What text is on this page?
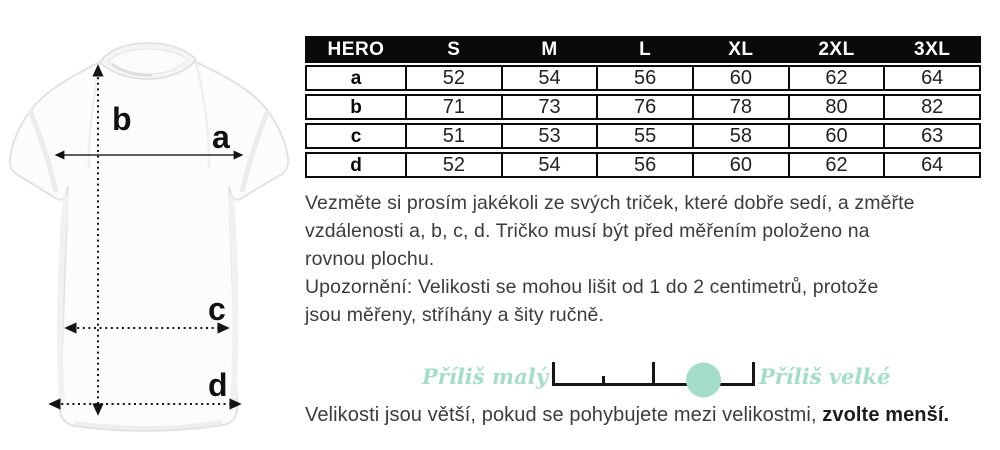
b	a
c
d
HERO	S	M	L	XL	2XL	3XL
a	52	54	56	60	62	64
b	71	73	76	78	80	82
c	51	53	55	58	60	63
d	52	54	56	60	62	64
Vezměte si prosím jakékoli ze svých triček, které dobře sedí, a změřte
vzdálenosti a, b, c, d. Tričko musí být před měřením položeno na
rovnou plochu.
Upozornění: Velikosti se mohou lišit od 1 do 2 centimetrů, protože
jsou měřeny, stříhány a šity ručně.
Příliš malý	Příliš velké
Velikosti jsou větší, pokud se pohybujete mezi velikostmi, zvolte menší.
